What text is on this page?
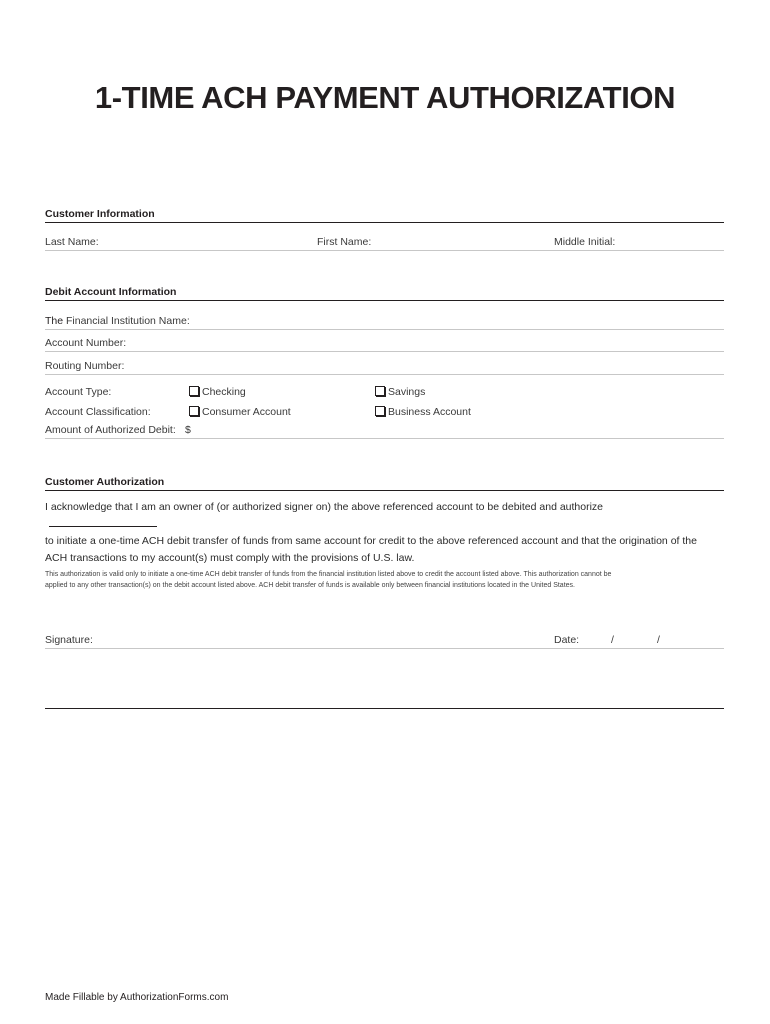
1-TIME ACH PAYMENT AUTHORIZATION
Customer Information
Last Name:	First Name:	Middle Initial:
Debit Account Information
The Financial Institution Name:
Account Number:
Routing Number:
Account Type:	Checking	Savings
Account Classification:	Consumer Account	Business Account
Amount of Authorized Debit: $
Customer Authorization
I acknowledge that I am an owner of (or authorized signer on) the above referenced account to be debited and authorize
to initiate a one-time ACH debit transfer of funds from same account for credit to the above referenced account and that the origination of the
ACH transactions to my account(s) must comply with the provisions of U.S. law.
This authorization is valid only to initiate a one-time ACH debit transfer of funds from the financial institution listed above to credit the account listed above. This authorization cannot be
applied to any other transaction(s) on the debit account listed above. ACH debit transfer of funds is available only between financial institutions located in the United States.
Signature:	Date:	/	/
Made Fillable by AuthorizationForms.com
